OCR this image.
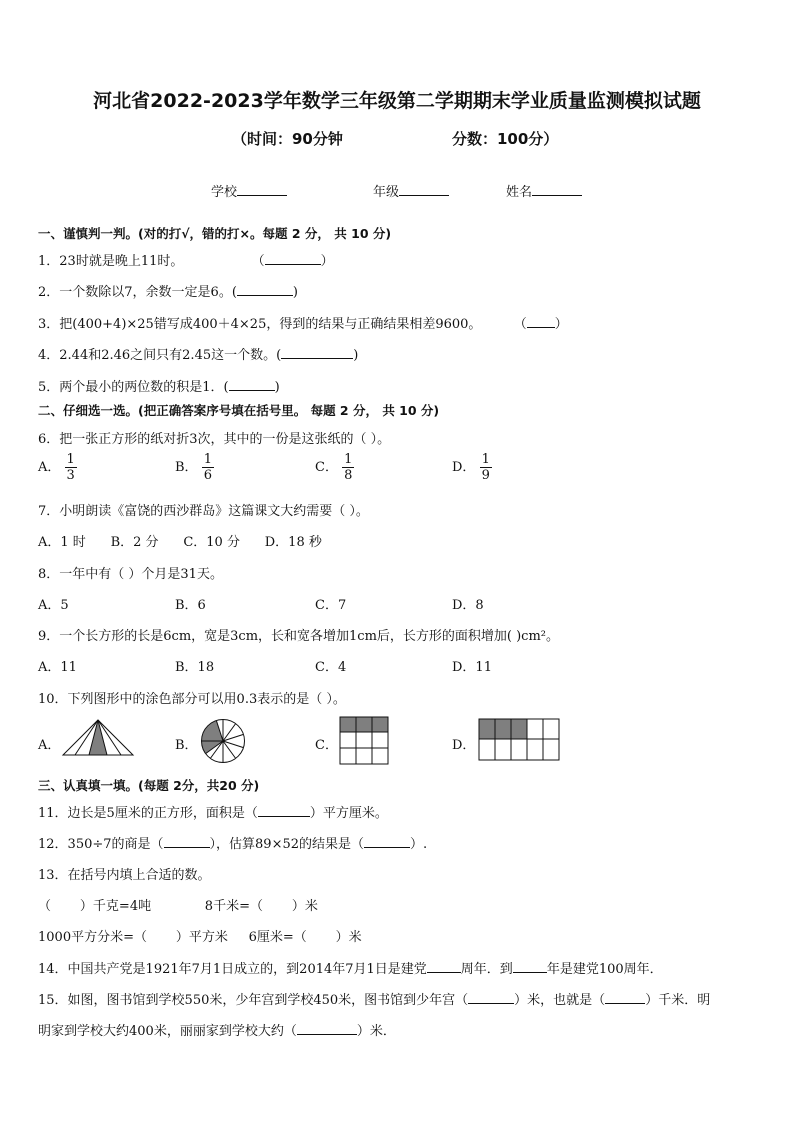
河北省2022-2023学年数学三年级第二学期期末学业质量监测模拟试题
（时间：90分钟	分数：100分）
学校	年级	姓名
一、谨慎判一判。(对的打√，错的打×。每题 2 分， 共 10 分)
1．23时就是晚上11时。	（	）
2．一个数除以7，余数一定是6。(	)
3．把(400+4)×25错写成400＋4×25，得到的结果与正确结果相差9600。 （ ）
4．2.44和2.46之间只有2.45这一个数。(	)
5．两个最小的两位数的积是1．(	)
二、仔细选一选。(把正确答案序号填在括号里。 每题 2 分， 共 10 分)
6．把一张正方形的纸对折3次，其中的一份是这张纸的（ ）。
A． $\frac{1}{3}$	B． $\frac{1}{6}$	C． $\frac{1}{8}$	D． $\frac{1}{9}$
7．小明朗读《富饶的西沙群岛》这篇课文大约需要（ ）。
A．1 时      B．2 分      C．10 分      D．18 秒
8．一年中有（ ）个月是31天。
A．5	B．6	C．7	D．8
9．一个长方形的长是6cm，宽是3cm，长和宽各增加1cm后，长方形的面积增加( )cm²。
A．11	B．18	C．4	D．11
10．下列图形中的涂色部分可以用0.3表示的是（ ）。
A．	B．	C．	D．
三、认真填一填。(每题 2分，共20 分)
11．边长是5厘米的正方形，面积是（	）平方厘米。
12．350÷7的商是（	），估算89×52的结果是（	）.
13．在括号内填上合适的数。
（       ）千克=4吨             8千米=（       ）米
1000平方分米=（       ）平方米     6厘米=（       ）米
14．中国共产党是1921年7月1日成立的，到2014年7月1日是建党	周年．到	年是建党100周年．
15．如图，图书馆到学校550米，少年宫到学校450米，图书馆到少年宫（	）米，也就是（	）千米．明
明家到学校大约400米，丽丽家到学校大约（	）米．
